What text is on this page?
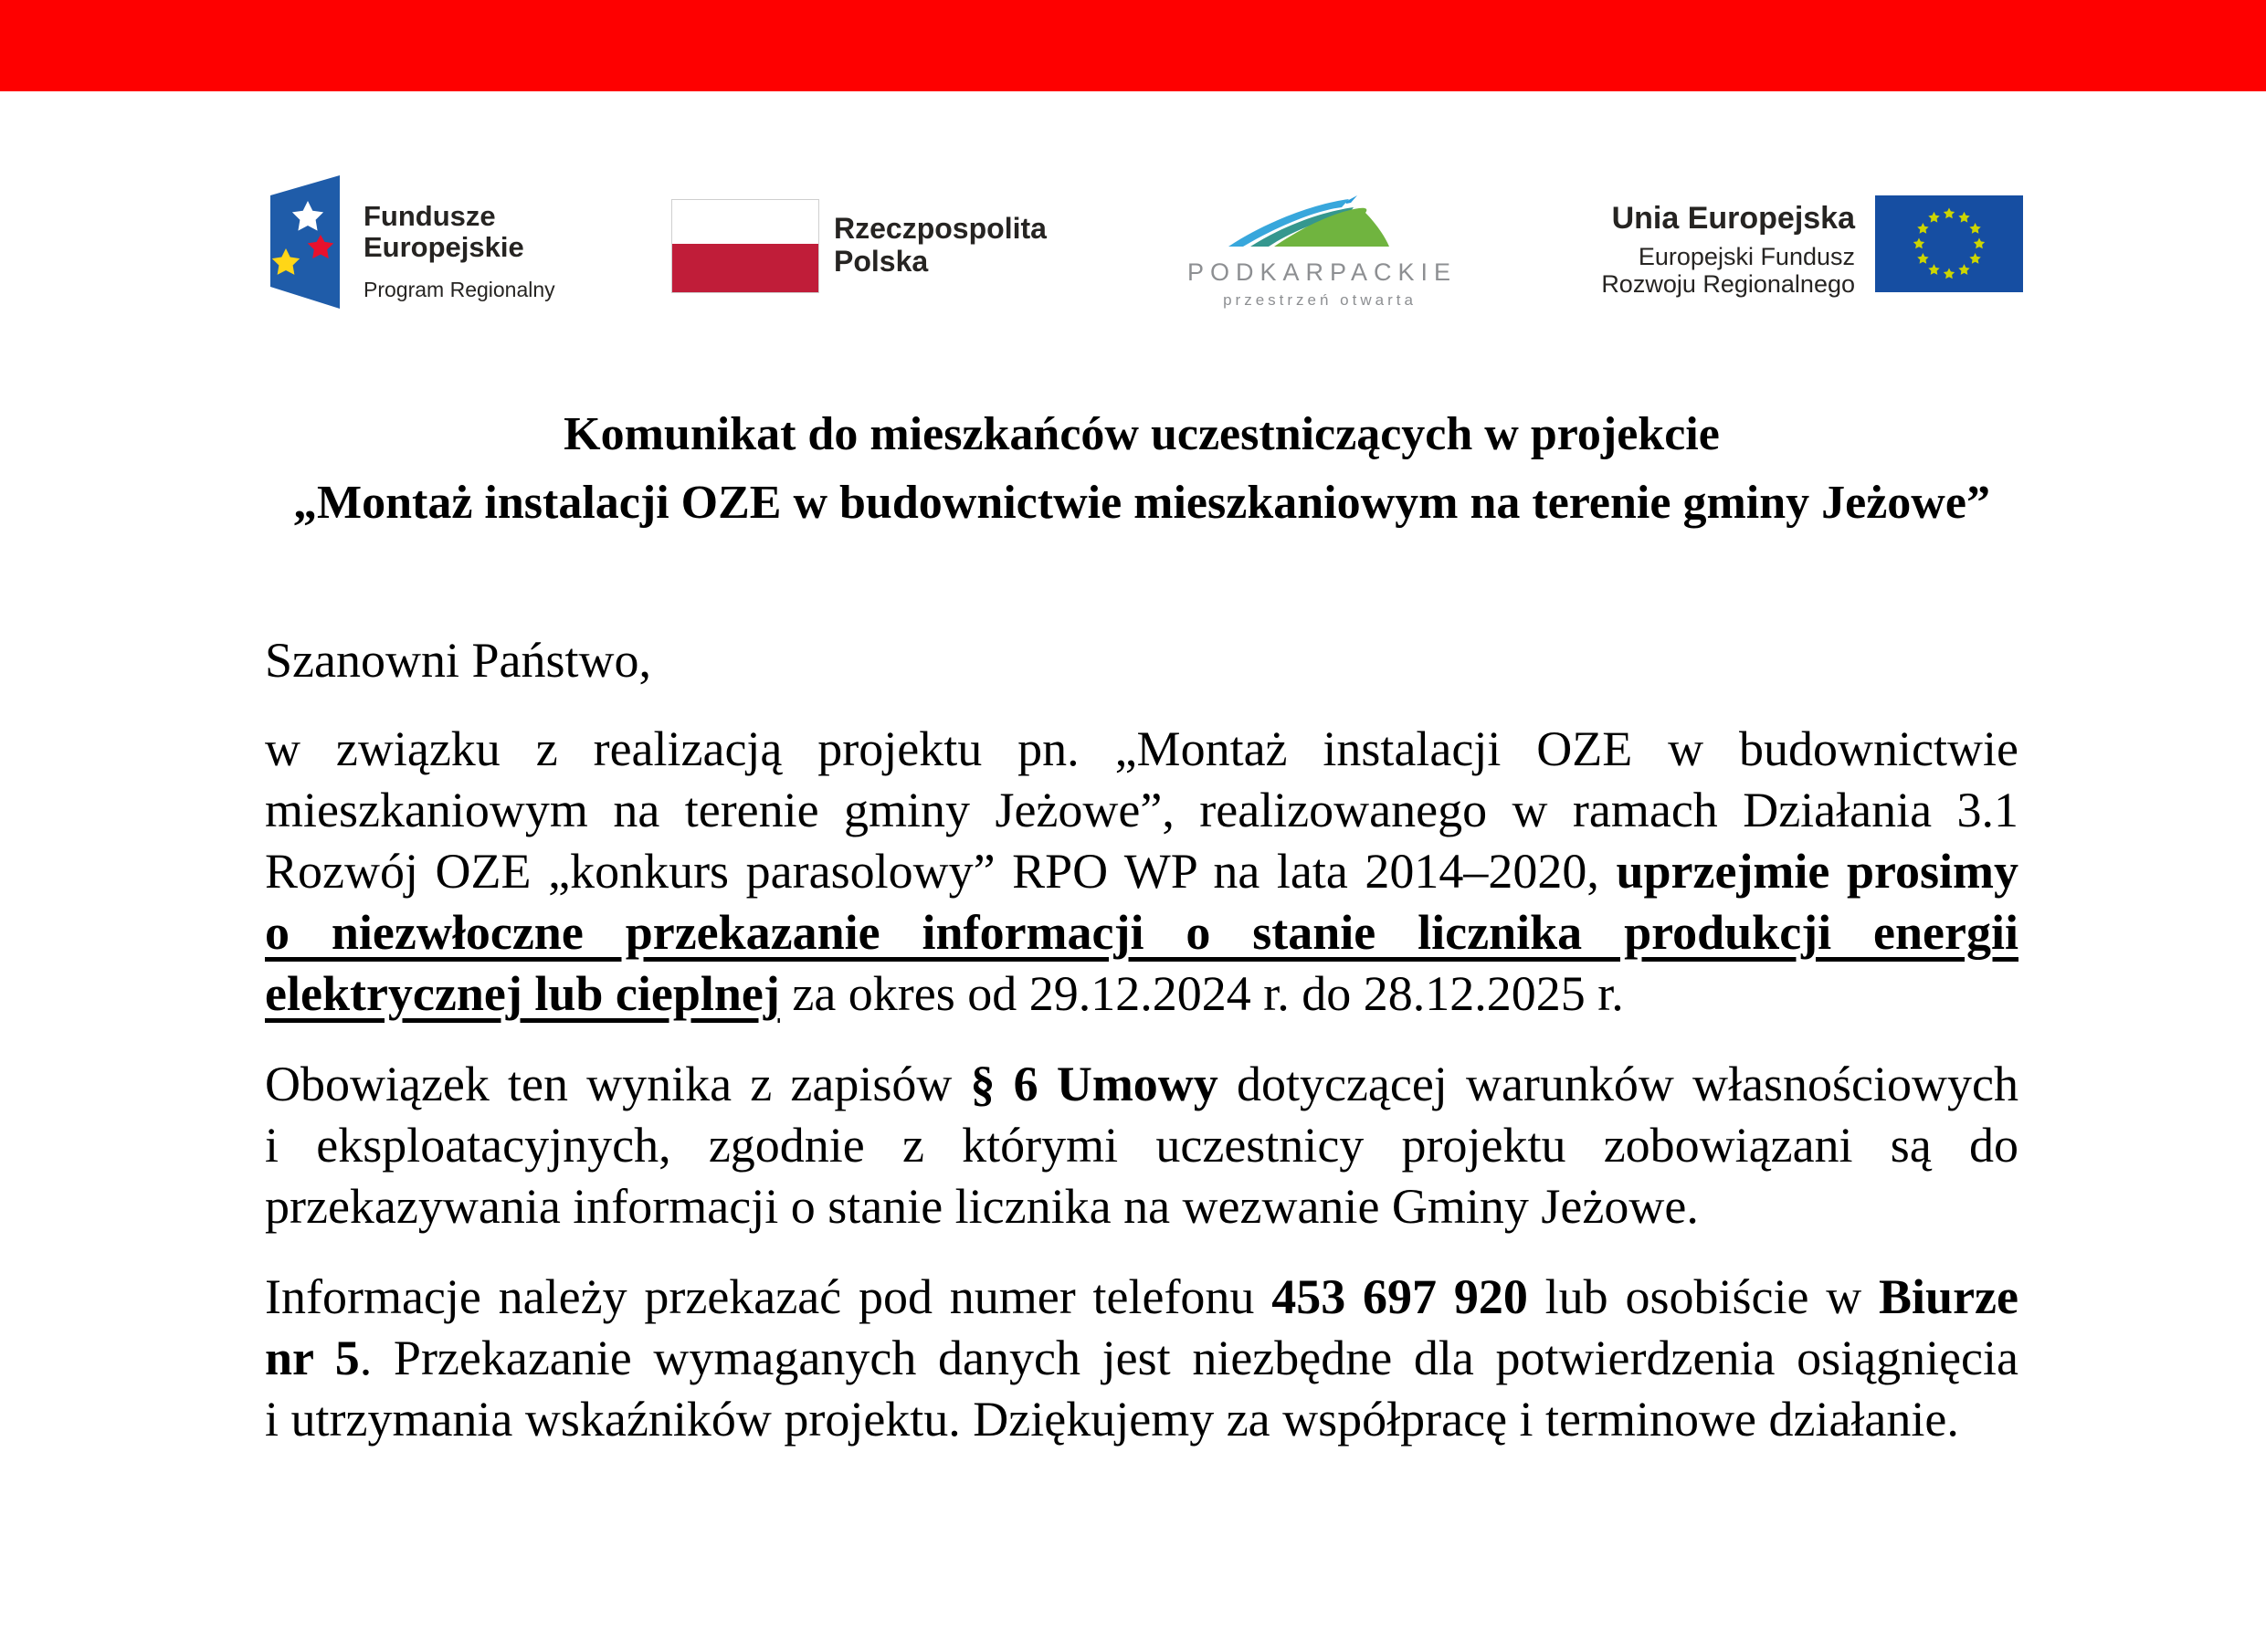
Fundusze
Europejskie
Program Regionalny
Rzeczpospolita
Polska	PODKARPACKIE
przestrzeń otwarta
Unia Europejska
Europejski Fundusz
Rozwoju Regionalnego
Komunikat do mieszkańców uczestniczących w projekcie
„Montaż instalacji OZE w budownictwie mieszkaniowym na terenie gminy Jeżowe”
Szanowni Państwo,
w związku z realizacją projektu pn. „Montaż instalacji OZE w budownictwie
mieszkaniowym na terenie gminy Jeżowe”, realizowanego w ramach Działania 3.1
Rozwój OZE „konkurs parasolowy” RPO WP na lata 2014–2020, uprzejmie prosimy
o niezwłoczne przekazanie informacji o stanie licznika produkcji energii
elektrycznej lub cieplnej za okres od 29.12.2024 r. do 28.12.2025 r.
Obowiązek ten wynika z zapisów § 6 Umowy dotyczącej warunków własnościowych
i eksploatacyjnych, zgodnie z którymi uczestnicy projektu zobowiązani są do
przekazywania informacji o stanie licznika na wezwanie Gminy Jeżowe.
Informacje należy przekazać pod numer telefonu 453 697 920 lub osobiście w Biurze
nr 5. Przekazanie wymaganych danych jest niezbędne dla potwierdzenia osiągnięcia
i utrzymania wskaźników projektu. Dziękujemy za współpracę i terminowe działanie.
